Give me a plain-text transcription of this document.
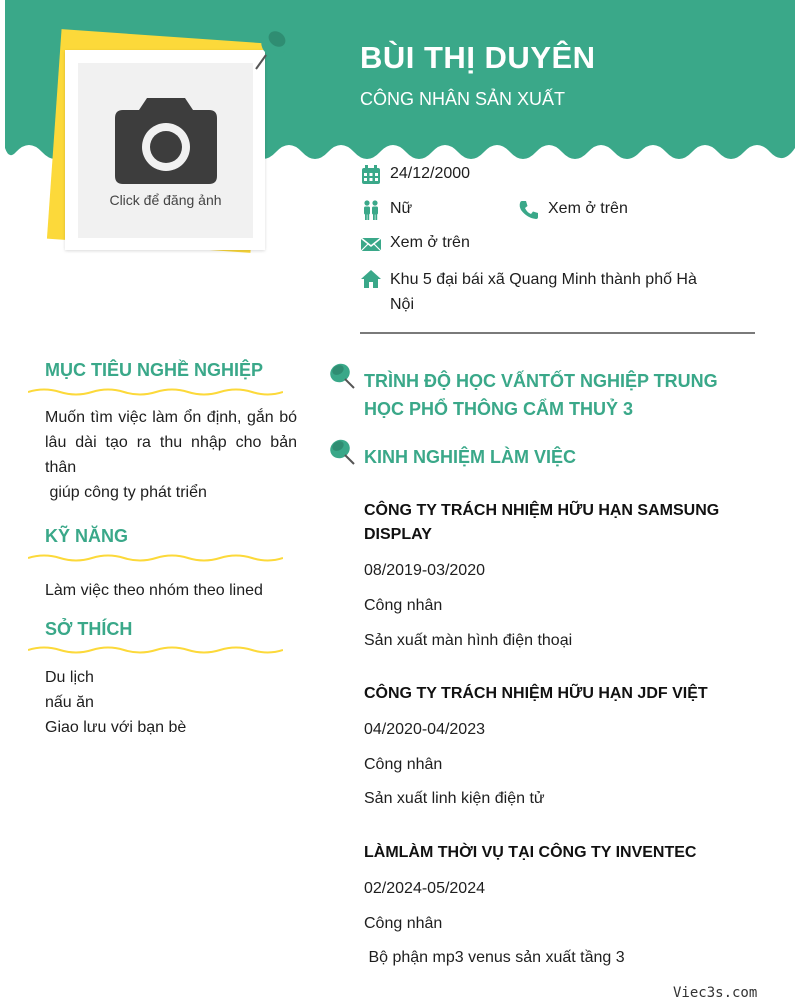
Click để đăng ảnh
BÙI THỊ DUYÊN
CÔNG NHÂN SẢN XUẤT
24/12/2000
Nữ	Xem ở trên
Xem ở trên
Khu 5 đại bái xã Quang Minh thành phố Hà
Nội
MỤC TIÊU NGHỀ NGHIỆP
Muốn tìm việc làm ổn định, gắn bó lâu dài tạo ra thu nhập cho bản thân
giúp công ty phát triển
KỸ NĂNG
Làm việc theo nhóm theo lined
SỞ THÍCH
Du lịch
nấu ăn
Giao lưu với bạn bè
TRÌNH ĐỘ HỌC VẤNTỐT NGHIỆP TRUNG
HỌC PHỔ THÔNG CẨM THUỶ 3
KINH NGHIỆM LÀM VIỆC
CÔNG TY TRÁCH NHIỆM HỮU HẠN SAMSUNG
DISPLAY
08/2019-03/2020
Công nhân
Sản xuất màn hình điện thoại
CÔNG TY TRÁCH NHIỆM HỮU HẠN JDF VIỆT
04/2020-04/2023
Công nhân
Sản xuất linh kiện điện tử
LÀMLÀM THỜI VỤ TẠI CÔNG TY INVENTEC
02/2024-05/2024
Công nhân
Bộ phận mp3 venus sản xuất tầng 3
Viec3s.com
